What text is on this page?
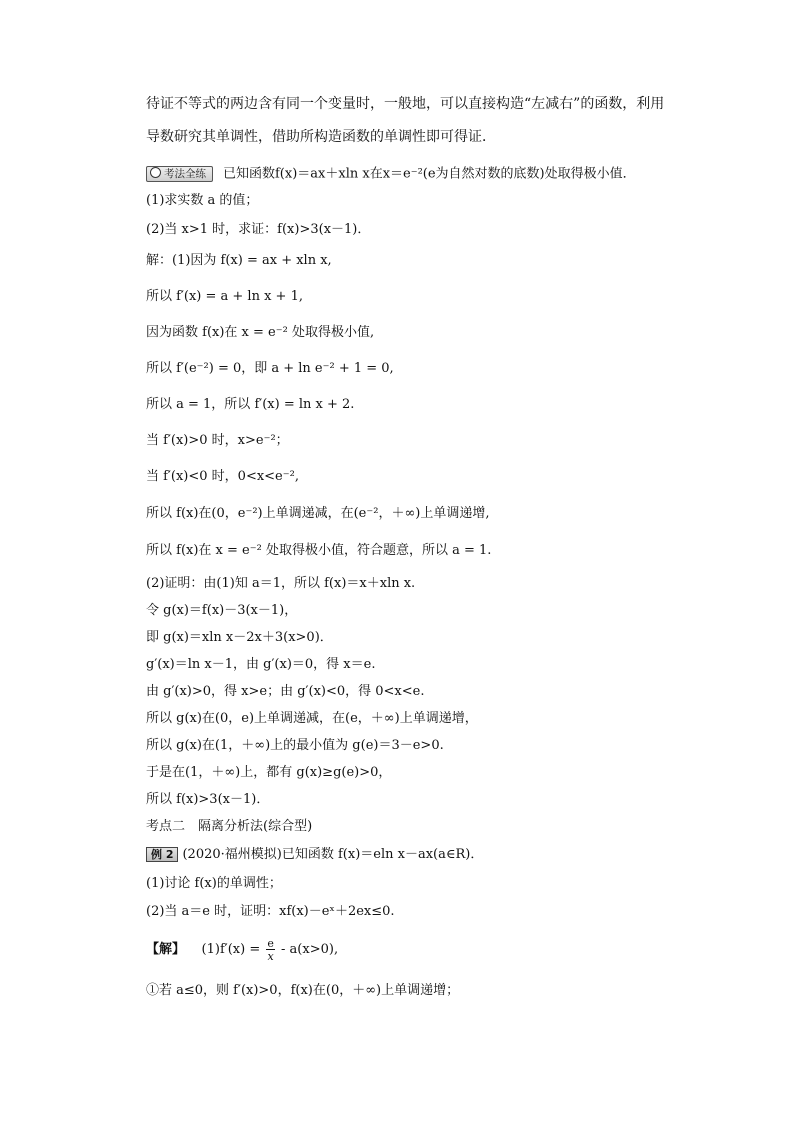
待证不等式的两边含有同一个变量时，一般地，可以直接构造“左减右”的函数，利用
导数研究其单调性，借助所构造函数的单调性即可得证．
考法全练 已知函数f(x)＝ax＋xln x在x＝e⁻²(e为自然对数的底数)处取得极小值．
(1)求实数 a 的值；
(2)当 x>1 时，求证：f(x)>3(x－1)．
解：(1)因为 f(x) = ax + xln x,
所以 f′(x) = a + ln x + 1,
因为函数 f(x)在 x = e⁻² 处取得极小值,
所以 f′(e⁻²) = 0，即 a + ln e⁻² + 1 = 0,
所以 a = 1，所以 f′(x) = ln x + 2.
当 f′(x)>0 时，x>e⁻²；
当 f′(x)<0 时，0<x<e⁻²,
所以 f(x)在(0，e⁻²)上单调递减，在(e⁻²，＋∞)上单调递增,
所以 f(x)在 x = e⁻² 处取得极小值，符合题意，所以 a = 1.
(2)证明：由(1)知 a＝1，所以 f(x)＝x＋xln x.
令 g(x)＝f(x)－3(x－1)，
即 g(x)＝xln x－2x＋3(x>0)．
g′(x)＝ln x－1，由 g′(x)＝0，得 x＝e.
由 g′(x)>0，得 x>e；由 g′(x)<0，得 0<x<e.
所以 g(x)在(0，e)上单调递减，在(e，＋∞)上单调递增，
所以 g(x)在(1，＋∞)上的最小值为 g(e)＝3－e>0.
于是在(1，＋∞)上，都有 g(x)≥g(e)>0，
所以 f(x)>3(x－1)．
考点二　隔离分析法(综合型)
例 2 (2020·福州模拟)已知函数 f(x)＝eln x－ax(a∈R)．
(1)讨论 f(x)的单调性；
(2)当 a＝e 时，证明：xf(x)－eˣ＋2ex≤0.
【解】 $(1)f'(x) = \frac{e}{x} - a(x>0)$,
①若 a≤0，则 f′(x)>0，f(x)在(0，＋∞)上单调递增；
